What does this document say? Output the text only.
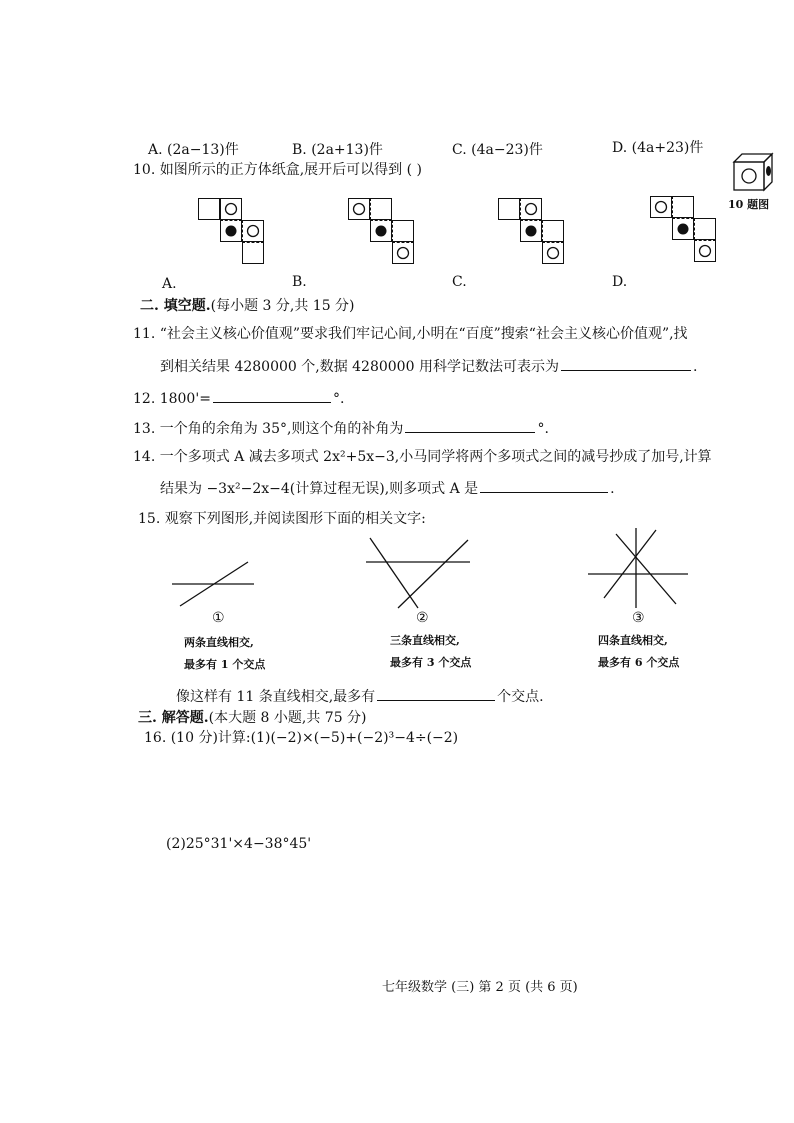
A. (2a−13)件	B. (2a+13)件	C. (4a−23)件	D. (4a+23)件
10. 如图所示的正方体纸盒,展开后可以得到 ( )
10 题图
A.	B.	C.	D.
二. 填空题.(每小题 3 分,共 15 分)
11. “社会主义核心价值观”要求我们牢记心间,小明在“百度”搜索“社会主义核心价值观”,找
到相关结果 4280000 个,数据 4280000 用科学记数法可表示为	.
12. 1800'=	°.
13. 一个角的余角为 35°,则这个角的补角为	°.
14. 一个多项式 A 减去多项式 2x²+5x−3,小马同学将两个多项式之间的减号抄成了加号,计算
结果为 −3x²−2x−4(计算过程无误),则多项式 A 是	.
15. 观察下列图形,并阅读图形下面的相关文字:
①
两条直线相交,
最多有 1 个交点
②
三条直线相交,
最多有 3 个交点
③
四条直线相交,
最多有 6 个交点
像这样有 11 条直线相交,最多有	个交点.
三. 解答题.(本大题 8 小题,共 75 分)
16. (10 分)计算:(1)(−2)×(−5)+(−2)³−4÷(−2)
(2)25°31'×4−38°45'
七年级数学 (三) 第 2 页 (共 6 页)
